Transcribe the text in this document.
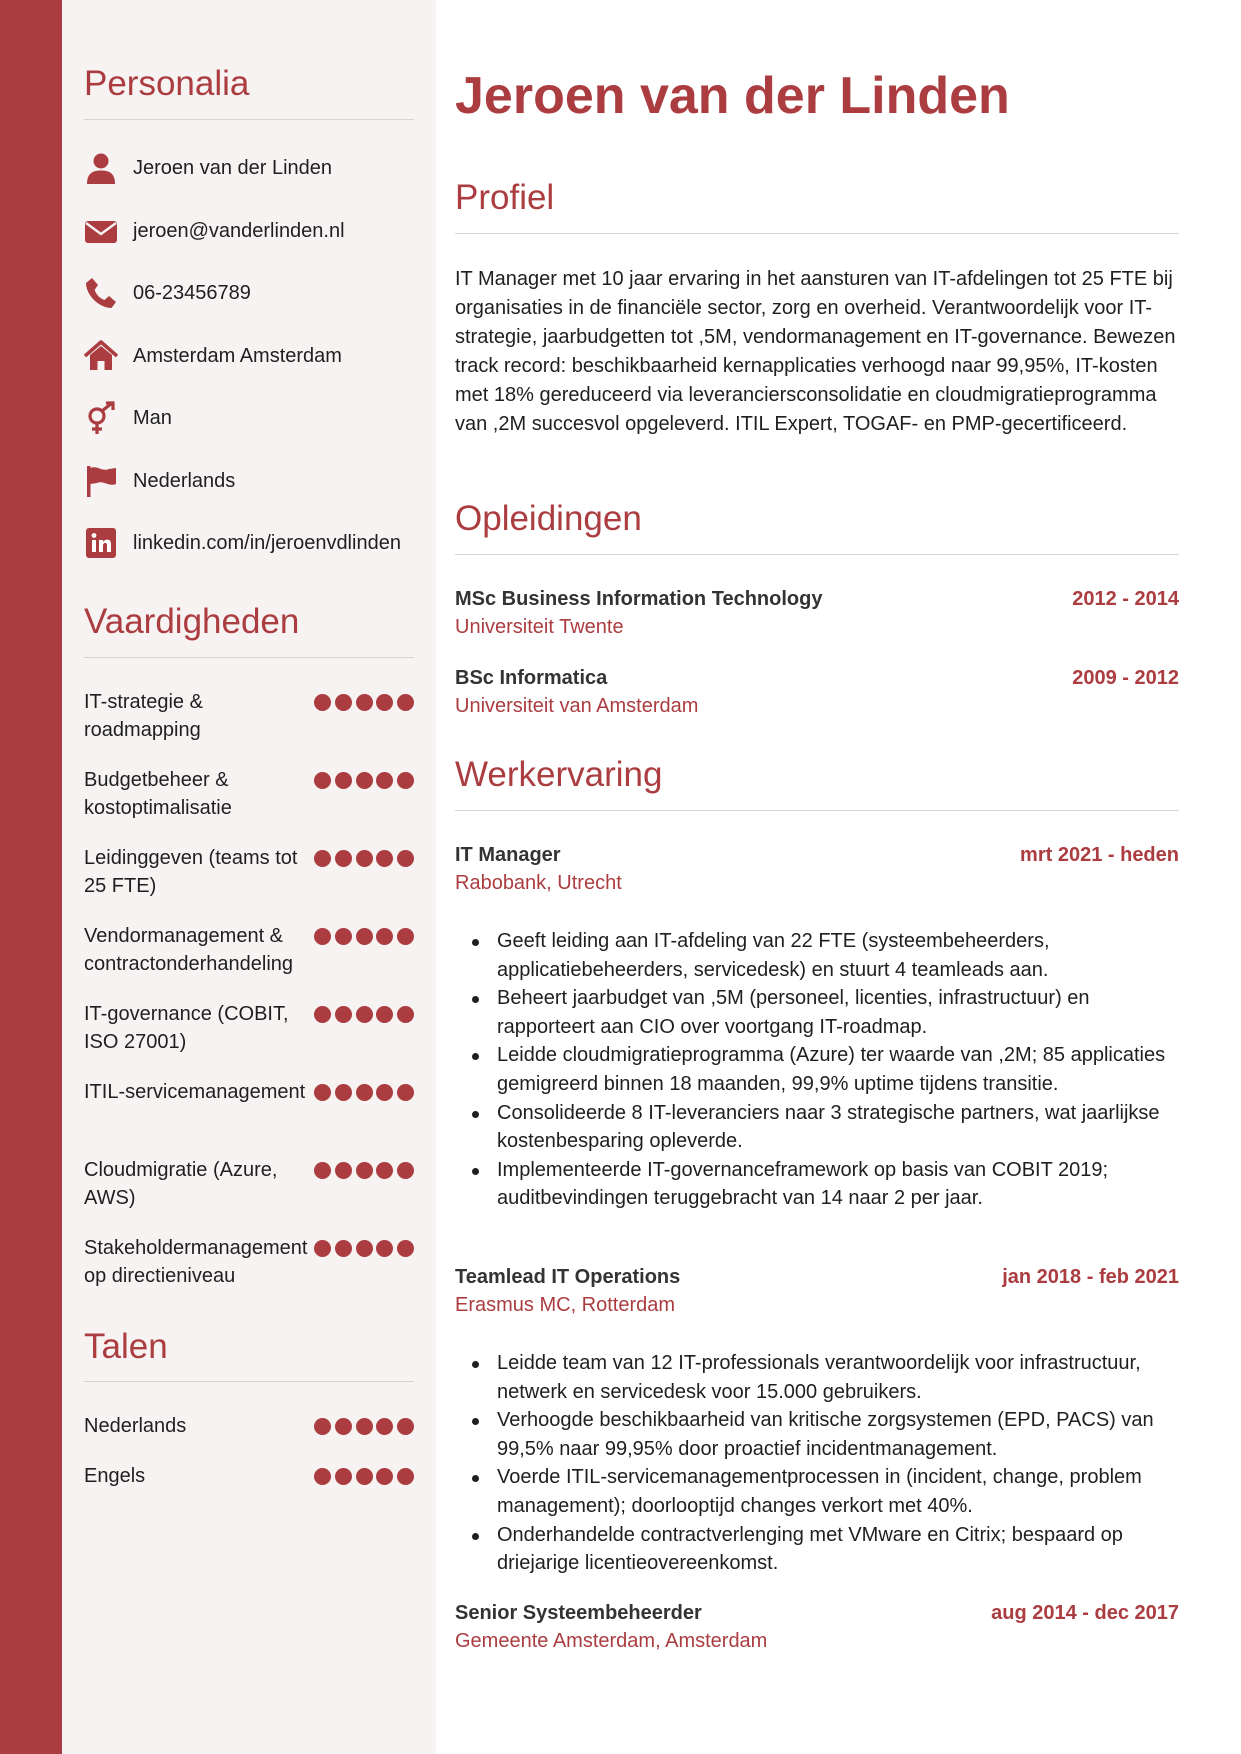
Personalia
Jeroen van der Linden
jeroen@vanderlinden.nl
06-23456789
Amsterdam Amsterdam
Man
Nederlands
linkedin.com/in/jeroenvdlinden
Vaardigheden
IT-strategie & roadmapping
Budgetbeheer & kostoptimalisatie
Leidinggeven (teams tot 25 FTE)
Vendormanagement & contractonderhandeling
IT-governance (COBIT, ISO 27001)
ITIL-servicemanagement
Cloudmigratie (Azure, AWS)
Stakeholdermanagement op directieniveau
Talen
Nederlands
Engels
Jeroen van der Linden
Profiel

IT Manager met 10 jaar ervaring in het aansturen van IT-afdelingen tot 25 FTE bij organisaties in de financiële sector, zorg en overheid. Verantwoordelijk voor IT-strategie, jaarbudgetten tot ,5M, vendormanagement en IT-governance. Bewezen track record: beschikbaarheid kernapplicaties verhoogd naar 99,95%, IT-kosten met 18% gereduceerd via leveranciersconsolidatie en cloudmigratieprogramma van ,2M succesvol opgeleverd. ITIL Expert, TOGAF- en PMP-gecertificeerd.

Opleidingen
MSc Business Information Technology	2012 - 2014
Universiteit Twente
BSc Informatica	2009 - 2012
Universiteit van Amsterdam
Werkervaring
IT Manager	mrt 2021 - heden
Rabobank, Utrecht
Geeft leiding aan IT-afdeling van 22 FTE (systeembeheerders, applicatiebeheerders, servicedesk) en stuurt 4 teamleads aan.
Beheert jaarbudget van ,5M (personeel, licenties, infrastructuur) en rapporteert aan CIO over voortgang IT-roadmap.
Leidde cloudmigratieprogramma (Azure) ter waarde van ,2M; 85 applicaties gemigreerd binnen 18 maanden, 99,9% uptime tijdens transitie.
Consolideerde 8 IT-leveranciers naar 3 strategische partners, wat jaarlijkse kostenbesparing opleverde.
Implementeerde IT-governanceframework op basis van COBIT 2019; auditbevindingen teruggebracht van 14 naar 2 per jaar.
Teamlead IT Operations	jan 2018 - feb 2021
Erasmus MC, Rotterdam
Leidde team van 12 IT-professionals verantwoordelijk voor infrastructuur, netwerk en servicedesk voor 15.000 gebruikers.
Verhoogde beschikbaarheid van kritische zorgsystemen (EPD, PACS) van 99,5% naar 99,95% door proactief incidentmanagement.
Voerde ITIL-servicemanagementprocessen in (incident, change, problem management); doorlooptijd changes verkort met 40%.
Onderhandelde contractverlenging met VMware en Citrix; bespaard op driejarige licentieovereenkomst.
Senior Systeembeheerder	aug 2014 - dec 2017
Gemeente Amsterdam, Amsterdam
